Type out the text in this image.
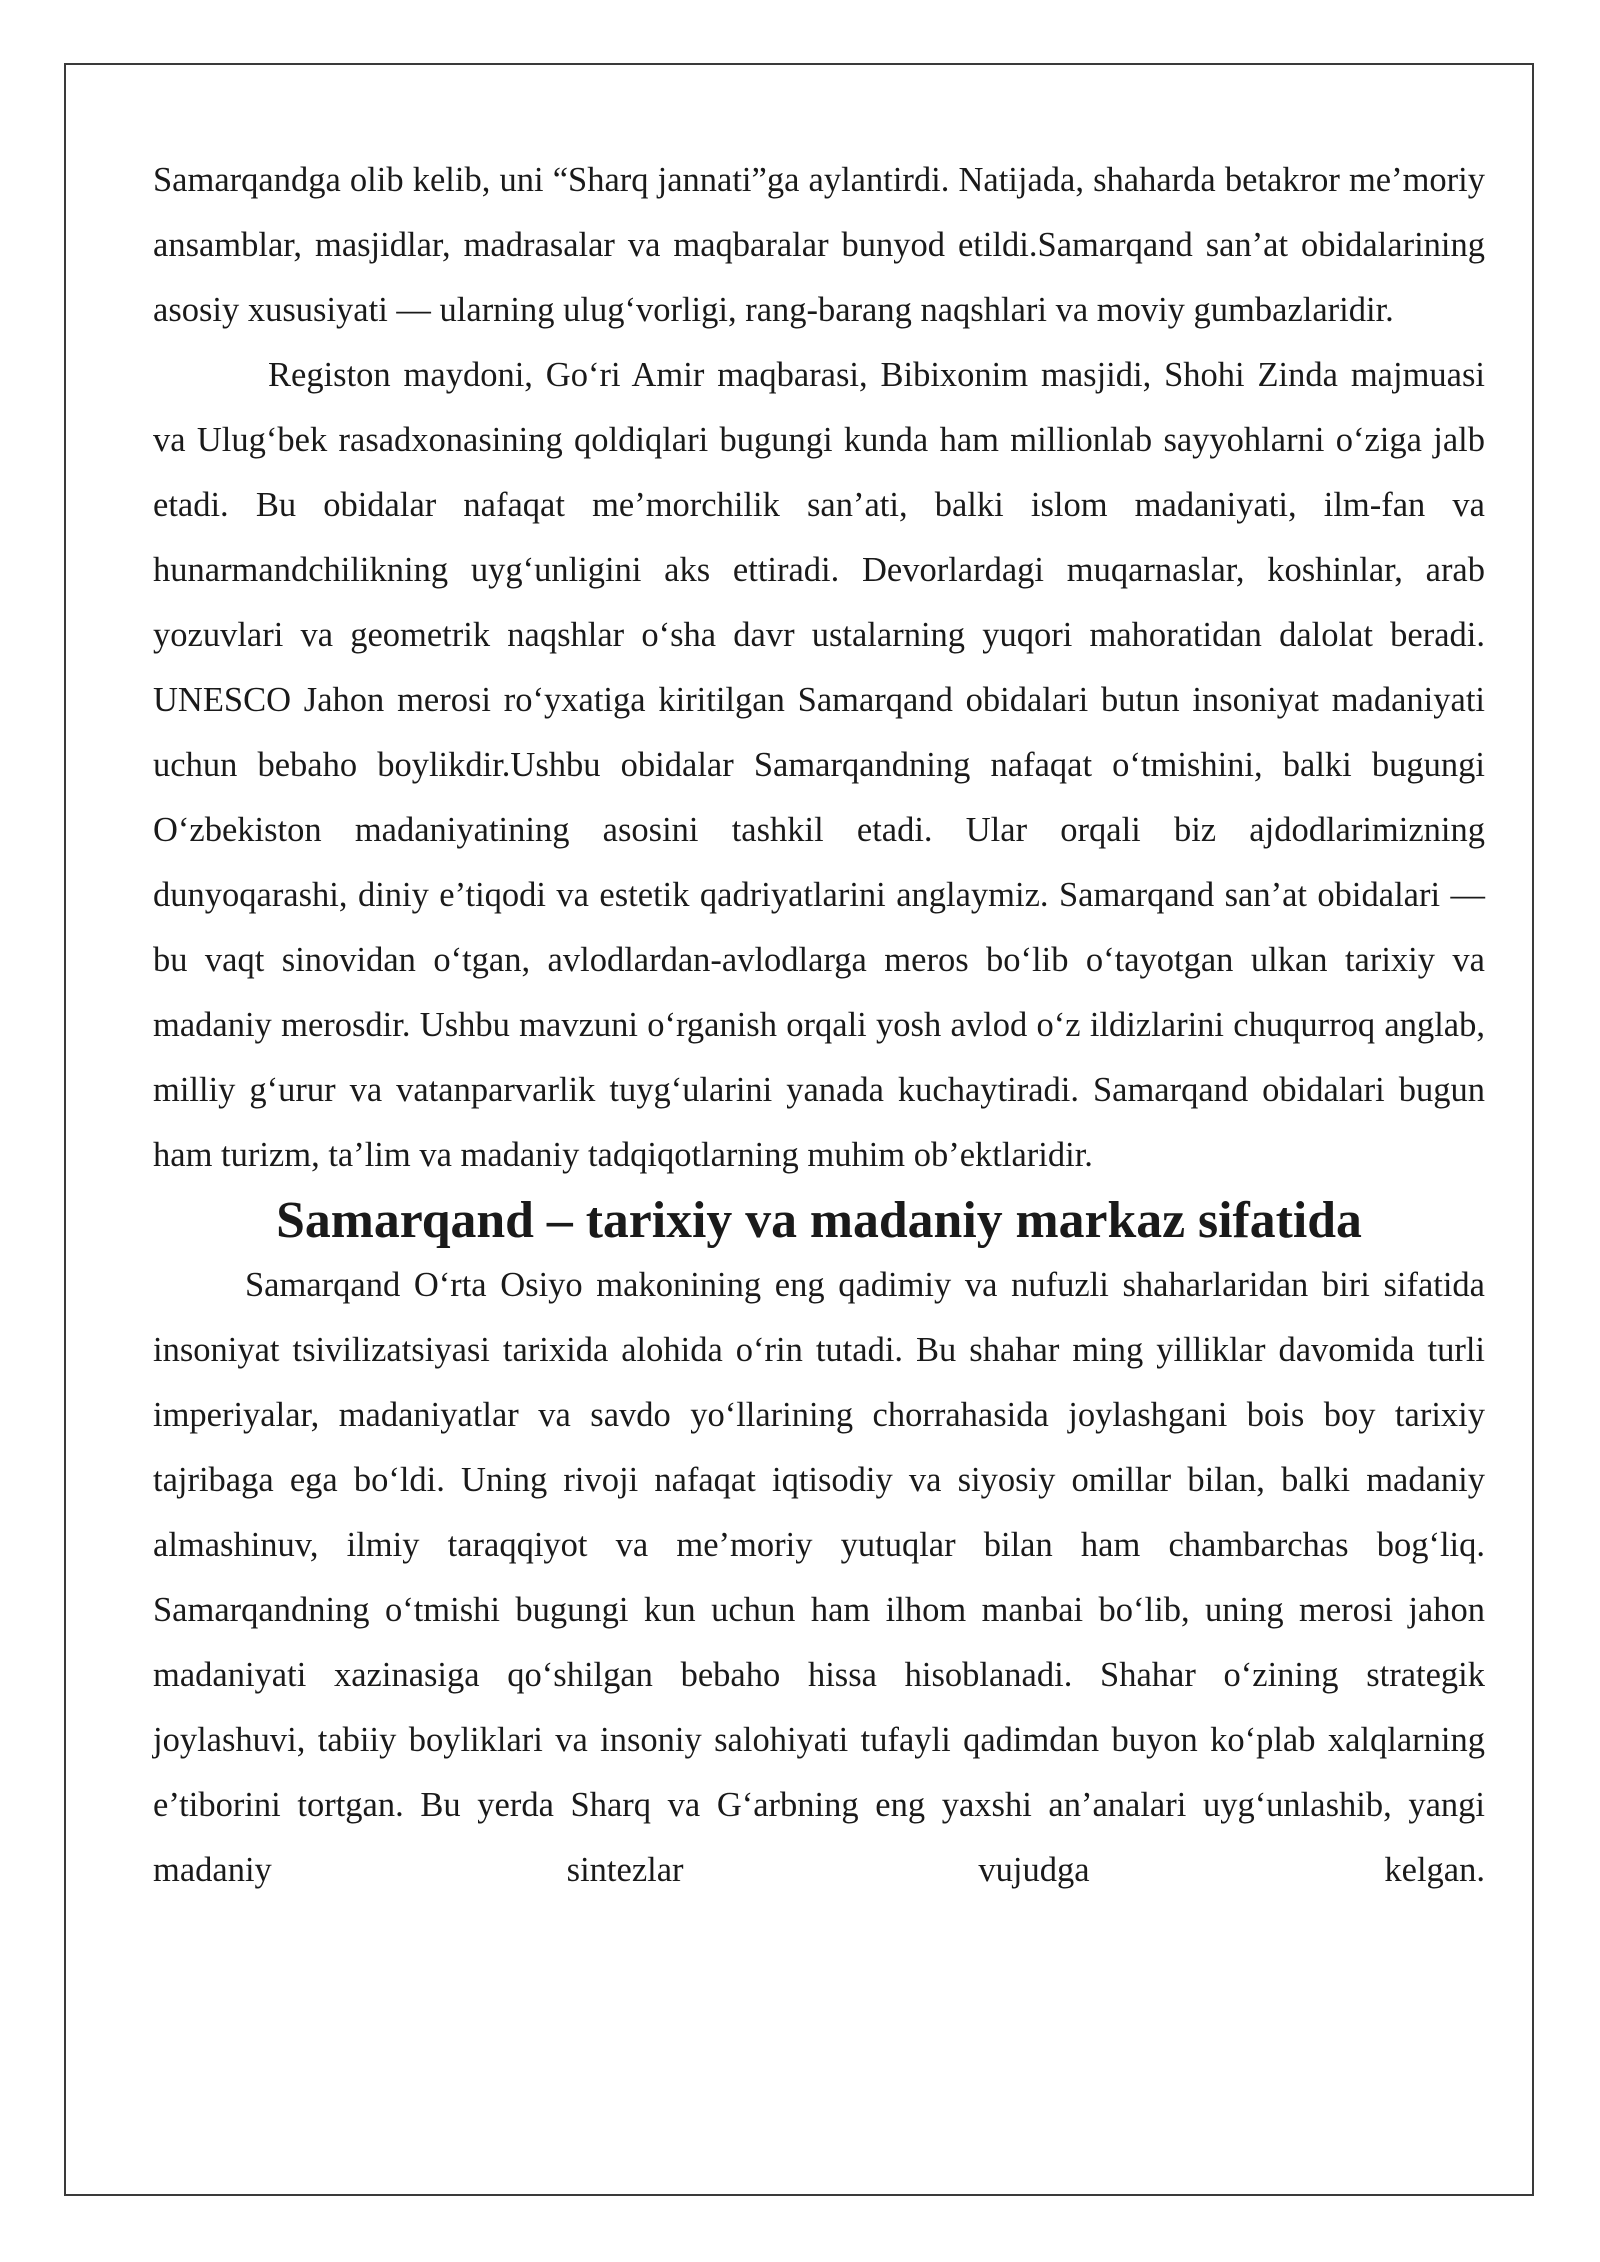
Samarqandga olib kelib, uni “Sharq jannati”ga aylantirdi. Natijada, shaharda betakror me’moriy ansamblar, masjidlar, madrasalar va maqbaralar bunyod etildi.Samarqand san’at obidalarining asosiy xususiyati — ularning ulug‘vorligi, rang-barang naqshlari va moviy gumbazlaridir.

Registon maydoni, Go‘ri Amir maqbarasi, Bibixonim masjidi, Shohi Zinda majmuasi va Ulug‘bek rasadxonasining qoldiqlari bugungi kunda ham millionlab sayyohlarni o‘ziga jalb etadi. Bu obidalar nafaqat me’morchilik san’ati, balki islom madaniyati, ilm-fan va hunarmandchilikning uyg‘unligini aks ettiradi. Devorlardagi muqarnaslar, koshinlar, arab yozuvlari va geometrik naqshlar o‘sha davr ustalarning yuqori mahoratidan dalolat beradi. UNESCO Jahon merosi ro‘yxatiga kiritilgan Samarqand obidalari butun insoniyat madaniyati uchun bebaho boylikdir.Ushbu obidalar Samarqandning nafaqat o‘tmishini, balki bugungi O‘zbekiston madaniyatining asosini tashkil etadi. Ular orqali biz ajdodlarimizning dunyoqarashi, diniy e’tiqodi va estetik qadriyatlarini anglaymiz. Samarqand san’at obidalari — bu vaqt sinovidan o‘tgan, avlodlardan-avlodlarga meros bo‘lib o‘tayotgan ulkan tarixiy va madaniy merosdir. Ushbu mavzuni o‘rganish orqali yosh avlod o‘z ildizlarini chuqurroq anglab, milliy g‘urur va vatanparvarlik tuyg‘ularini yanada kuchaytiradi. Samarqand obidalari bugun ham turizm, ta’lim va madaniy tadqiqotlarning muhim ob’ektlaridir.

Samarqand – tarixiy va madaniy markaz sifatida

Samarqand O‘rta Osiyo makonining eng qadimiy va nufuzli shaharlaridan biri sifatida insoniyat tsivilizatsiyasi tarixida alohida o‘rin tutadi. Bu shahar ming yilliklar davomida turli imperiyalar, madaniyatlar va savdo yo‘llarining chorrahasida joylashgani bois boy tarixiy tajribaga ega bo‘ldi. Uning rivoji nafaqat iqtisodiy va siyosiy omillar bilan, balki madaniy almashinuv, ilmiy taraqqiyot va me’moriy yutuqlar bilan ham chambarchas bog‘liq. Samarqandning o‘tmishi bugungi kun uchun ham ilhom manbai bo‘lib, uning merosi jahon madaniyati xazinasiga qo‘shilgan bebaho hissa hisoblanadi. Shahar o‘zining strategik joylashuvi, tabiiy boyliklari va insoniy salohiyati tufayli qadimdan buyon ko‘plab xalqlarning e’tiborini tortgan. Bu yerda Sharq va G‘arbning eng yaxshi an’analari uyg‘unlashib, yangi madaniy sintezlar vujudga kelgan.
